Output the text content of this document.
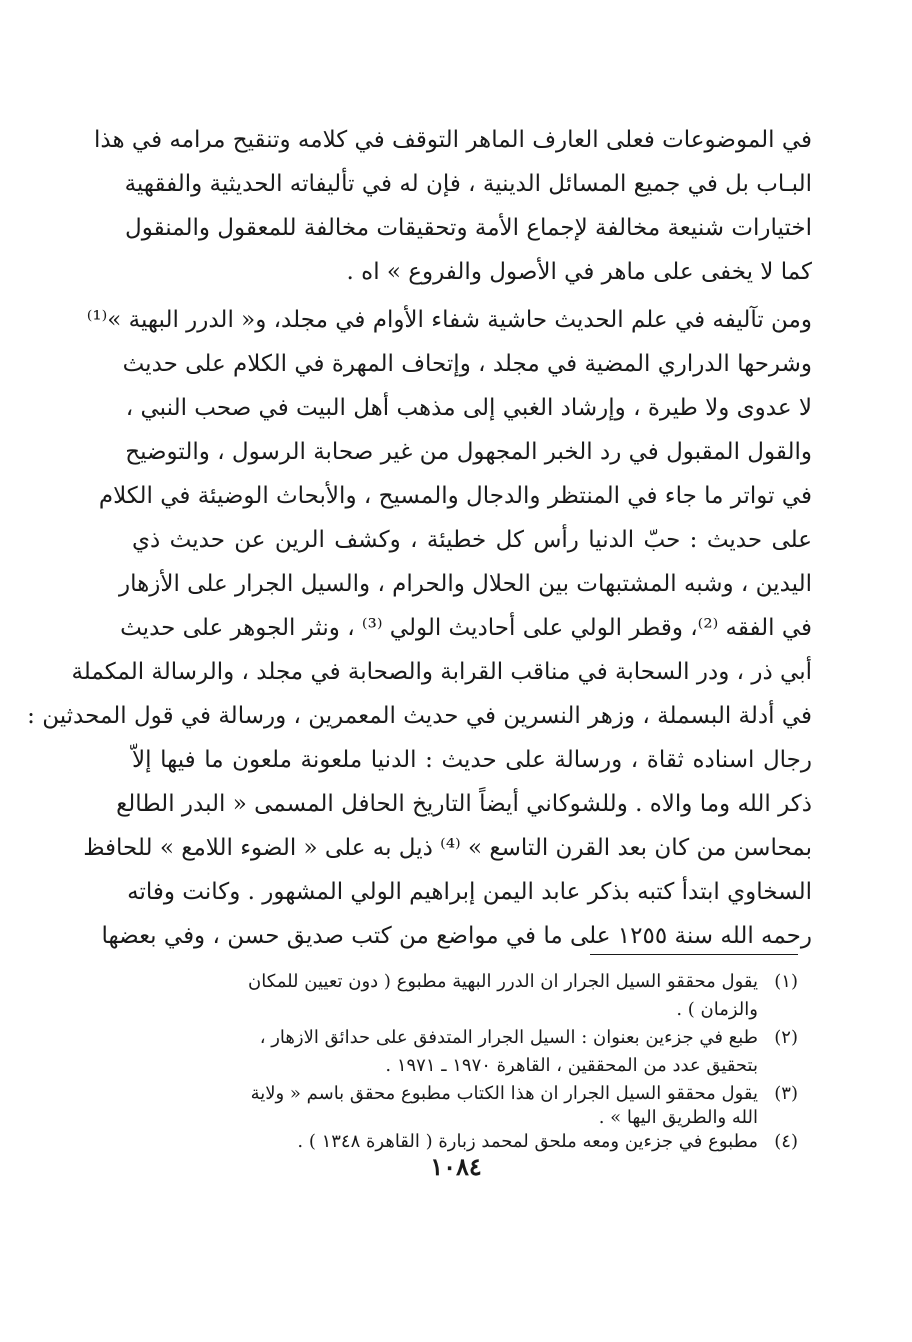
في الموضوعات فعلى العارف الماهر التوقف في كلامه وتنقيح مرامه في هذا
البـاب بل في جميع المسائل الدينية ، فإن له في تأليفاته الحديثية والفقهية
اختيارات شنيعة مخالفة لإجماع الأمة وتحقيقات مخالفة للمعقول والمنقول
كما لا يخفى على ماهر في الأصول والفروع » اه .
ومن تآليفه في علم الحديث حاشية شفاء الأوام في مجلد، و« الدرر البهية »⁽¹⁾
وشرحها الدراري المضية في مجلد ، وإتحاف المهرة في الكلام على حديث
لا عدوى ولا طيرة ، وإرشاد الغبي إلى مذهب أهل البيت في صحب النبي ،
والقول المقبول في رد الخبر المجهول من غير صحابة الرسول ، والتوضيح
في تواتر ما جاء في المنتظر والدجال والمسيح ، والأبحاث الوضيئة في الكلام
على حديث : حبّ الدنيا رأس كل خطيئة ، وكشف الرين عن حديث ذي
اليدين ، وشبه المشتبهات بين الحلال والحرام ، والسيل الجرار على الأزهار
في الفقه ⁽²⁾، وقطر الولي على أحاديث الولي ⁽³⁾ ، ونثر الجوهر على حديث
أبي ذر ، ودر السحابة في مناقب القرابة والصحابة في مجلد ، والرسالة المكملة
في أدلة البسملة ، وزهر النسرين في حديث المعمرين ، ورسالة في قول المحدثين :
رجال اسناده ثقاة ، ورسالة على حديث : الدنيا ملعونة ملعون ما فيها إلاّ
ذكر الله وما والاه . وللشوكاني أيضاً التاريخ الحافل المسمى « البدر الطالع
بمحاسن من كان بعد القرن التاسع » ⁽⁴⁾ ذيل به على « الضوء اللامع » للحافظ
السخاوي ابتدأ كتبه بذكر عابد اليمن إبراهيم الولي المشهور . وكانت وفاته
رحمه الله سنة ١٢٥٥ على ما في مواضع من كتب صديق حسن ، وفي بعضها
(١)يقول محققو السيل الجرار ان الدرر البهية مطبوع ( دون تعيين للمكان
والزمان ) .
(٢)طبع في جزءين بعنوان : السيل الجرار المتدفق على حدائق الازهار ،
بتحقيق عدد من المحققين ، القاهرة ١٩٧٠ ـ ١٩٧١ .
(٣)يقول محققو السيل الجرار ان هذا الكتاب مطبوع محقق باسم « ولاية
الله والطريق اليها » .
(٤)مطبوع في جزءين ومعه ملحق لمحمد زبارة ( القاهرة ١٣٤٨ ) .
١٠٨٤
